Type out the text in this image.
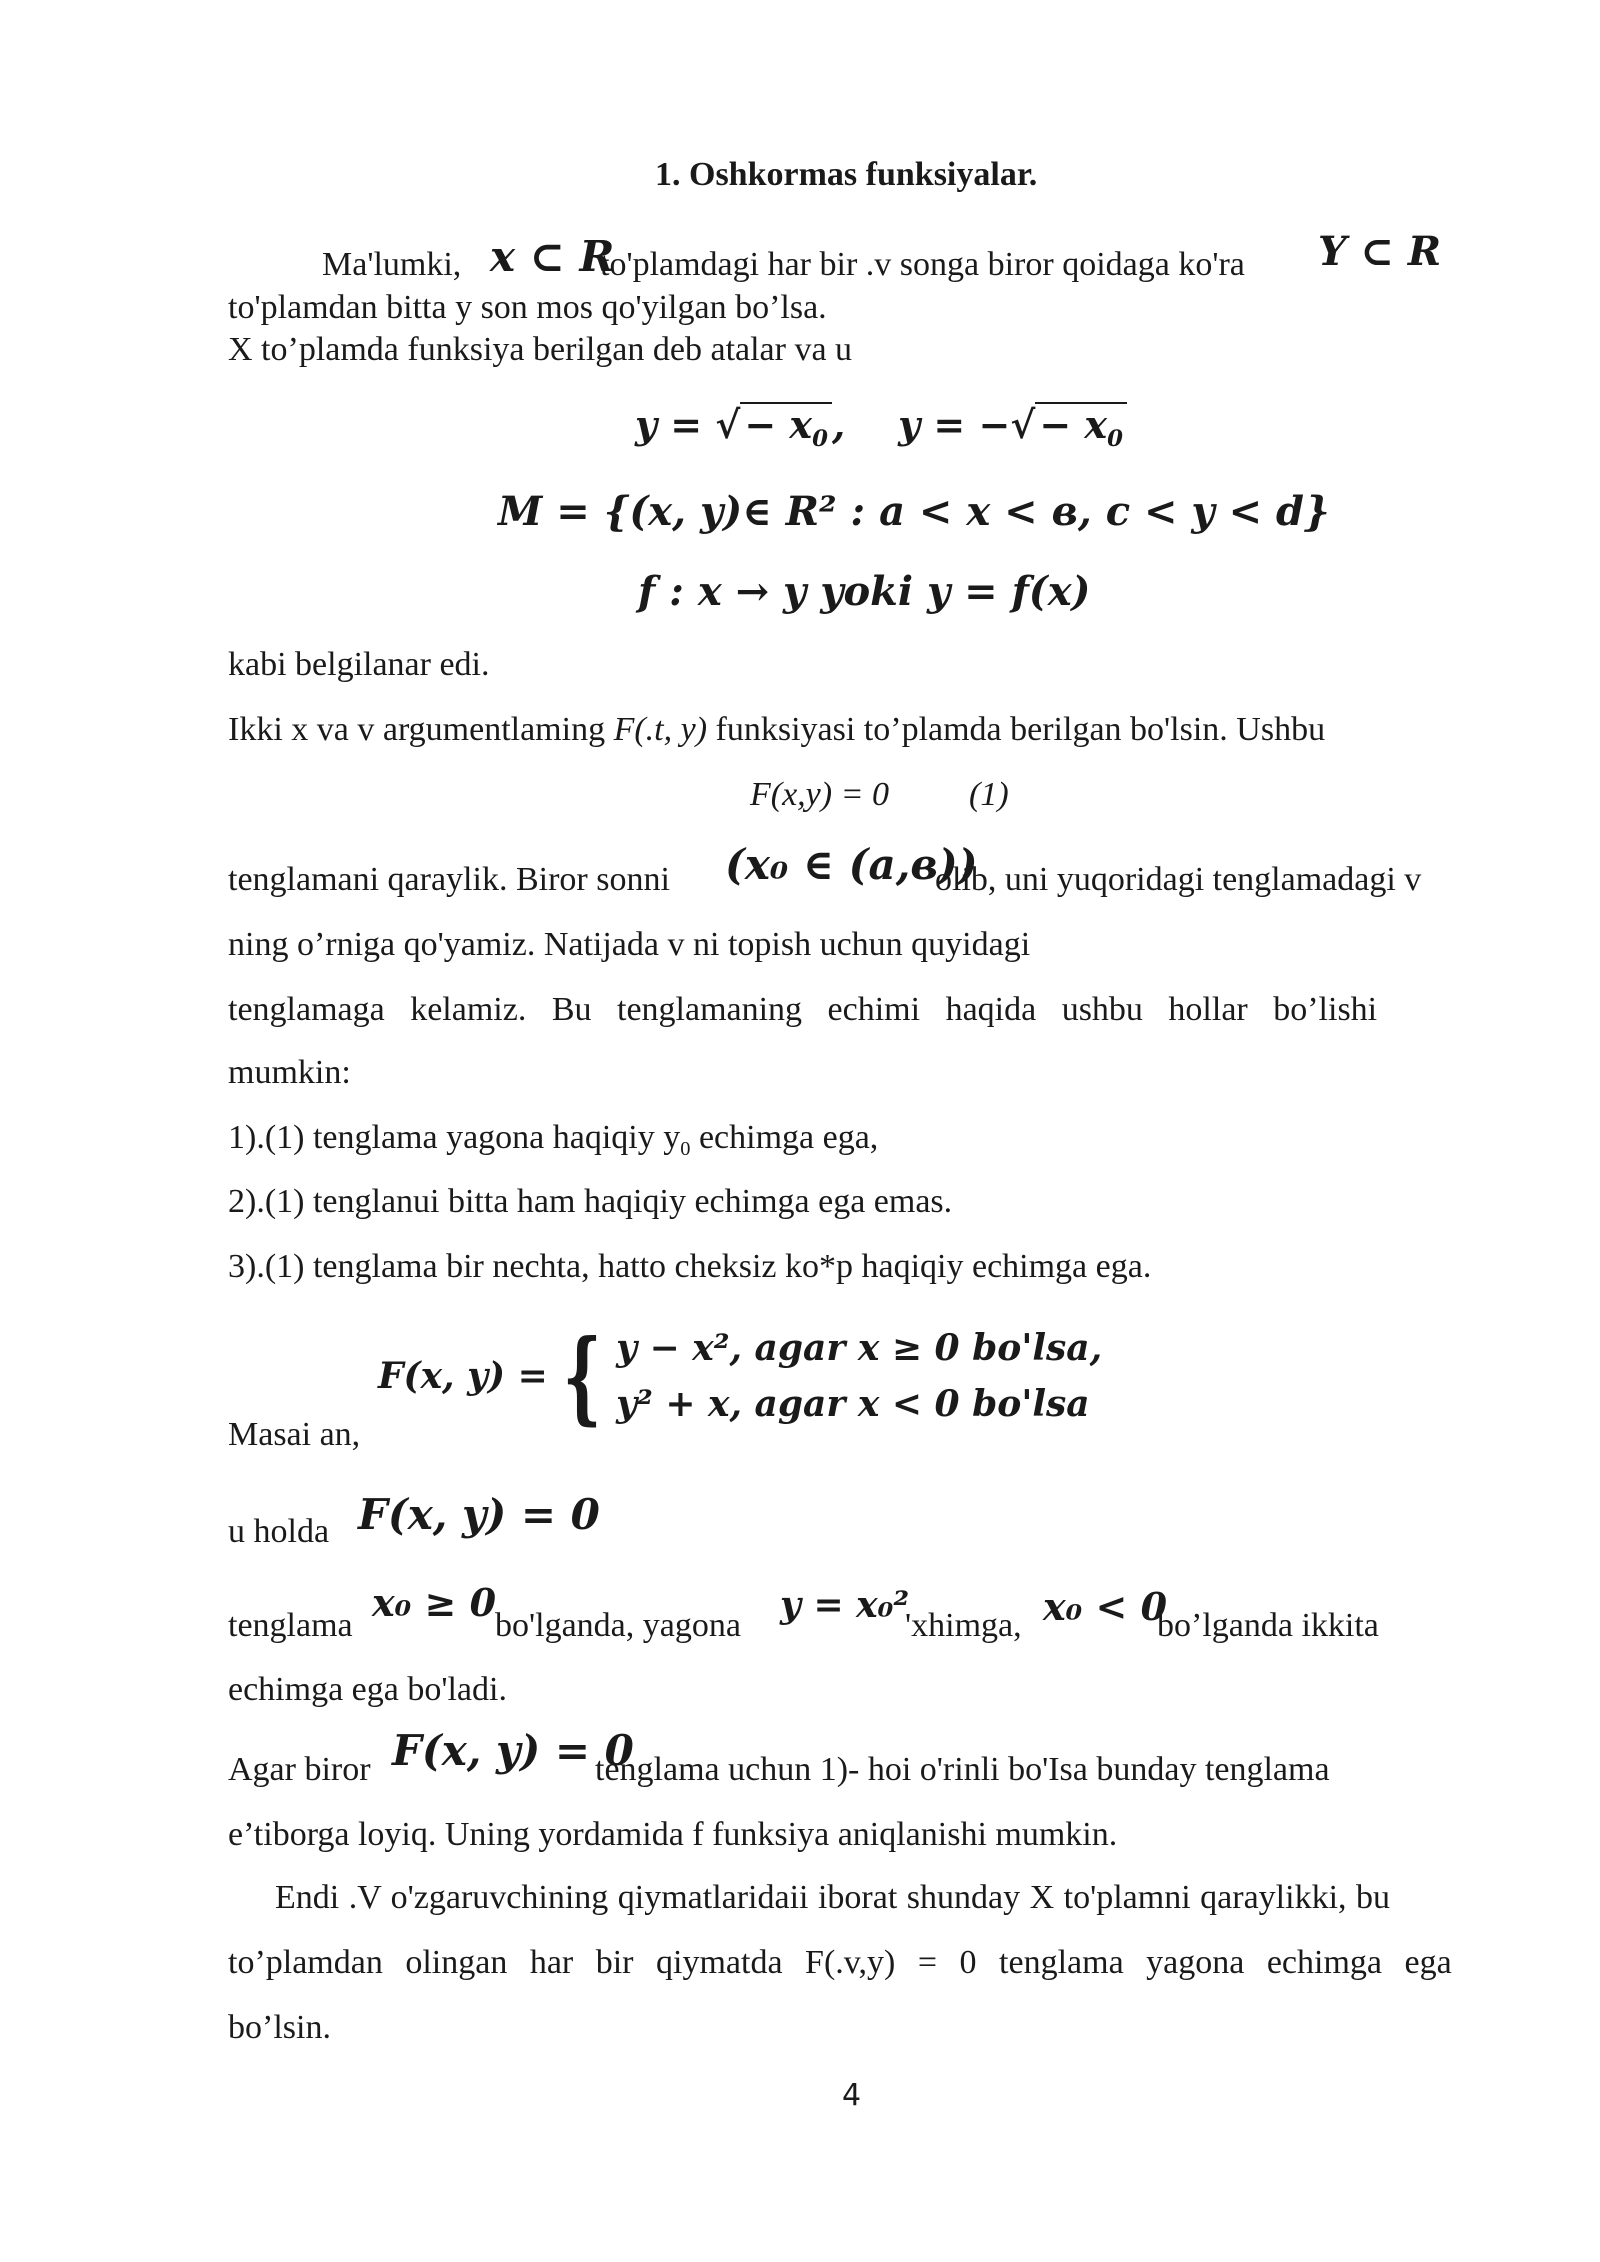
1. Oshkormas funksiyalar.
Ma'lumki, x ⊂ R
to'plamdagi har bir .v songa biror qoidaga ko'ra Y ⊂ R
to'plamdan bitta y son mos qo'yilgan bo’lsa.
X to’plamda funksiya berilgan deb atalar va u
y = √ − $x_0$ ,    y = −√ − $x_0$
M = {(x, y)∈ R² : a < x < в, c < y < d}
f : x → y yoki y = f(x)
kabi belgilanar edi.
Ikki x va v argumentlaming F(.t, y) funksiyasi to’plamda berilgan bo'lsin. Ushbu
F(x,y) = 0 (1)
tenglamani qaraylik. Biror sonni (x₀ ∈ (a,в))
olib, uni yuqoridagi tenglamadagi v
ning o’rniga qo'yamiz. Natijada v ni topish uchun quyidagi
tenglamaga kelamiz. Bu tenglamaning echimi haqida ushbu hollar bo’lishi
mumkin:
1).(1) tenglama yagona haqiqiy $y_0$ echimga ega,
2).(1) tenglanui bitta ham haqiqiy echimga ega emas.
3).(1) tenglama bir nechta, hatto cheksiz ko*p haqiqiy echimga ega.
Masai an,
F(x, y) = { y − x², agar x ≥ 0 bo'lsa,
y² + x, agar x < 0 bo'lsa
u holda F(x, y) = 0
tenglama
x₀ ≥ 0
bo'lganda, yagona y = x₀²
'xhimga, x₀ < 0
bo’lganda ikkita
echimga ega bo'ladi.
Agar biror F(x, y) = 0
tenglama uchun 1)- hoi o'rinli bo'Isa bunday tenglama
e’tiborga loyiq. Uning yordamida f funksiya aniqlanishi mumkin.
Endi .V o'zgaruvchining qiymatlaridaii iborat shunday X to'plamni qaraylikki, bu
to’plamdan olingan har bir qiymatda F(.v,y) = 0 tenglama yagona echimga ega
bo’lsin.
4
